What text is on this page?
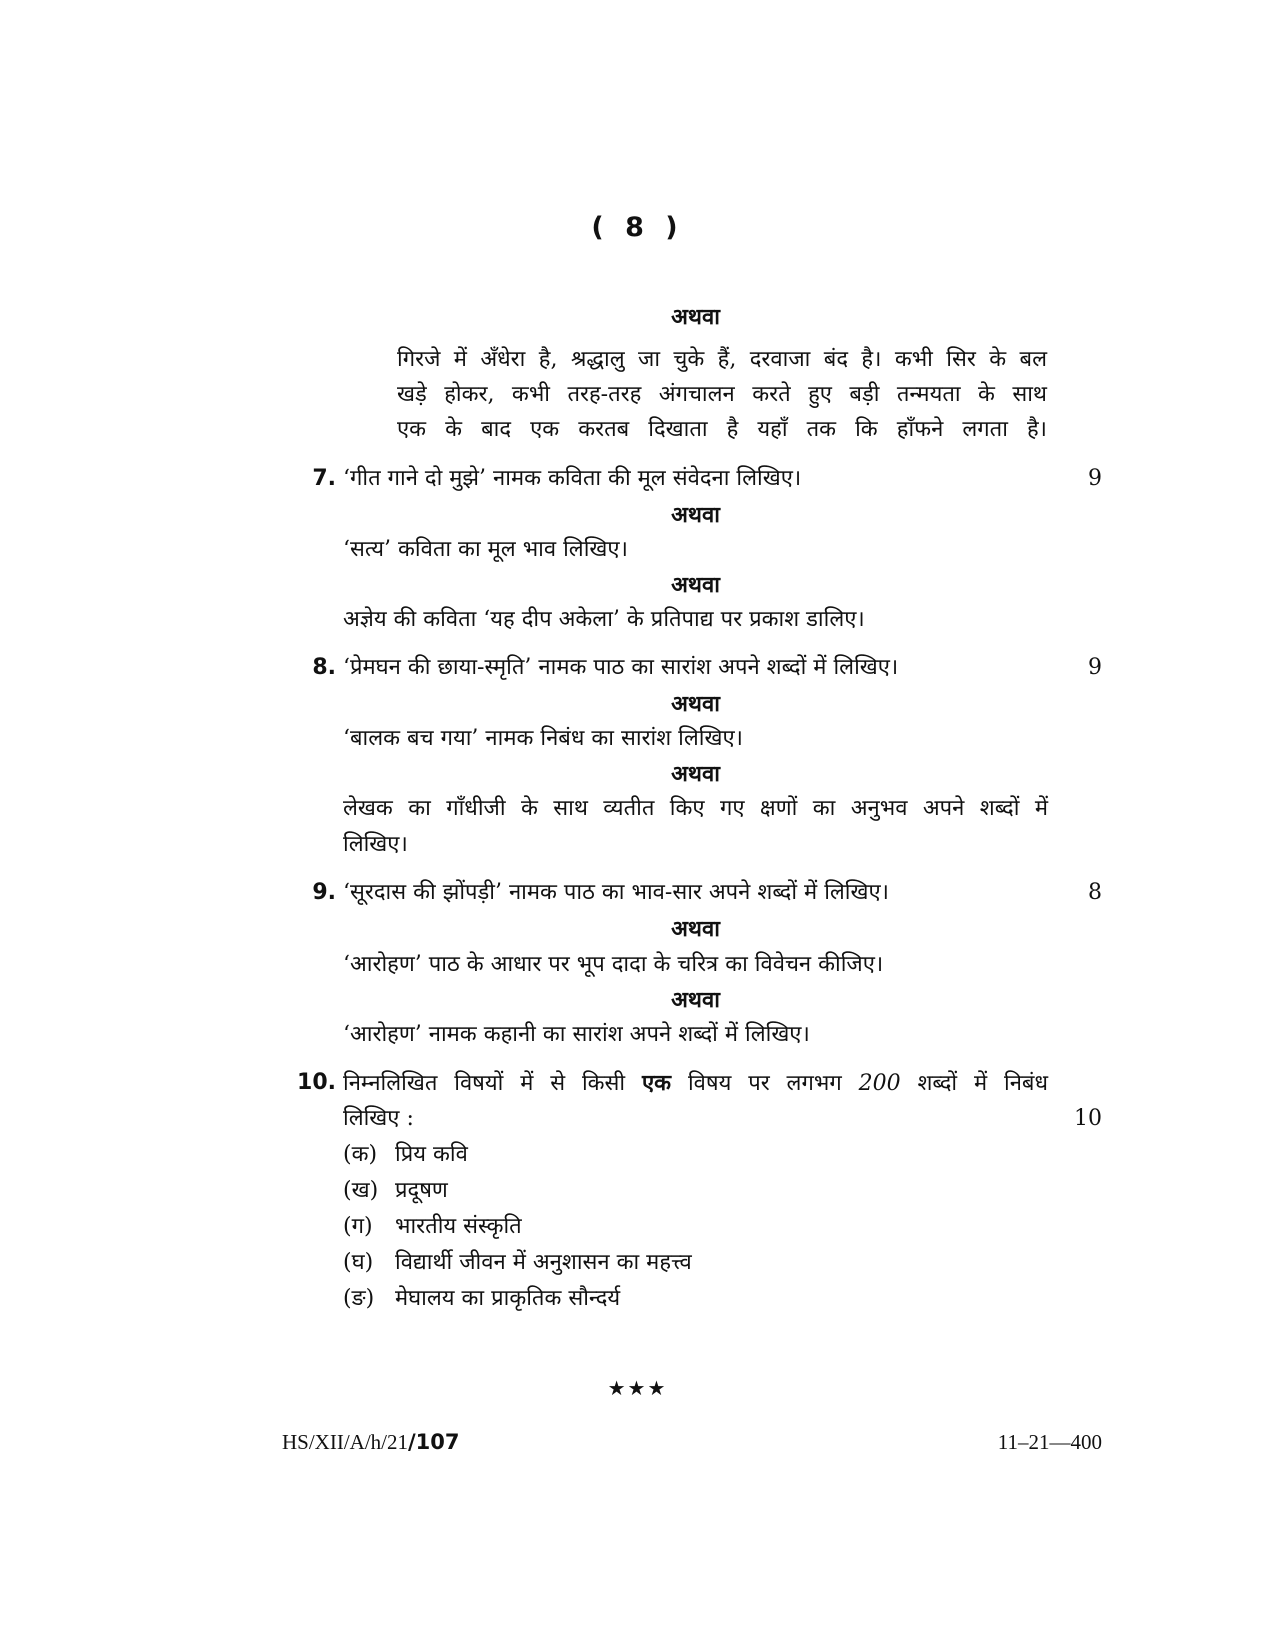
( 8 )
अथवा
गिरजे में अँधेरा है, श्रद्धालु जा चुके हैं, दरवाजा बंद है। कभी सिर के बल
खड़े होकर, कभी तरह-तरह अंगचालन करते हुए बड़ी तन्मयता के साथ
एक के बाद एक करतब दिखाता है यहाँ तक कि हाँफने लगता है।
7. ‘गीत गाने दो मुझे’ नामक कविता की मूल संवेदना लिखिए।	9
अथवा
‘सत्य’ कविता का मूल भाव लिखिए।
अथवा
अज्ञेय की कविता ‘यह दीप अकेला’ के प्रतिपाद्य पर प्रकाश डालिए।
8. ‘प्रेमघन की छाया-स्मृति’ नामक पाठ का सारांश अपने शब्दों में लिखिए।	9
अथवा
‘बालक बच गया’ नामक निबंध का सारांश लिखिए।
अथवा
लेखक का गाँधीजी के साथ व्यतीत किए गए क्षणों का अनुभव अपने शब्दों में
लिखिए।
9. ‘सूरदास की झोंपड़ी’ नामक पाठ का भाव-सार अपने शब्दों में लिखिए।	8
अथवा
‘आरोहण’ पाठ के आधार पर भूप दादा के चरित्र का विवेचन कीजिए।
अथवा
‘आरोहण’ नामक कहानी का सारांश अपने शब्दों में लिखिए।
10. निम्नलिखित विषयों में से किसी एक विषय पर लगभग 200 शब्दों में निबंध
लिखिए :	10
(क) प्रिय कवि
(ख) प्रदूषण
(ग) भारतीय संस्कृति
(घ) विद्यार्थी जीवन में अनुशासन का महत्त्व
(ङ) मेघालय का प्राकृतिक सौन्दर्य
★★★
HS/XII/A/h/21/107	11–21—400
